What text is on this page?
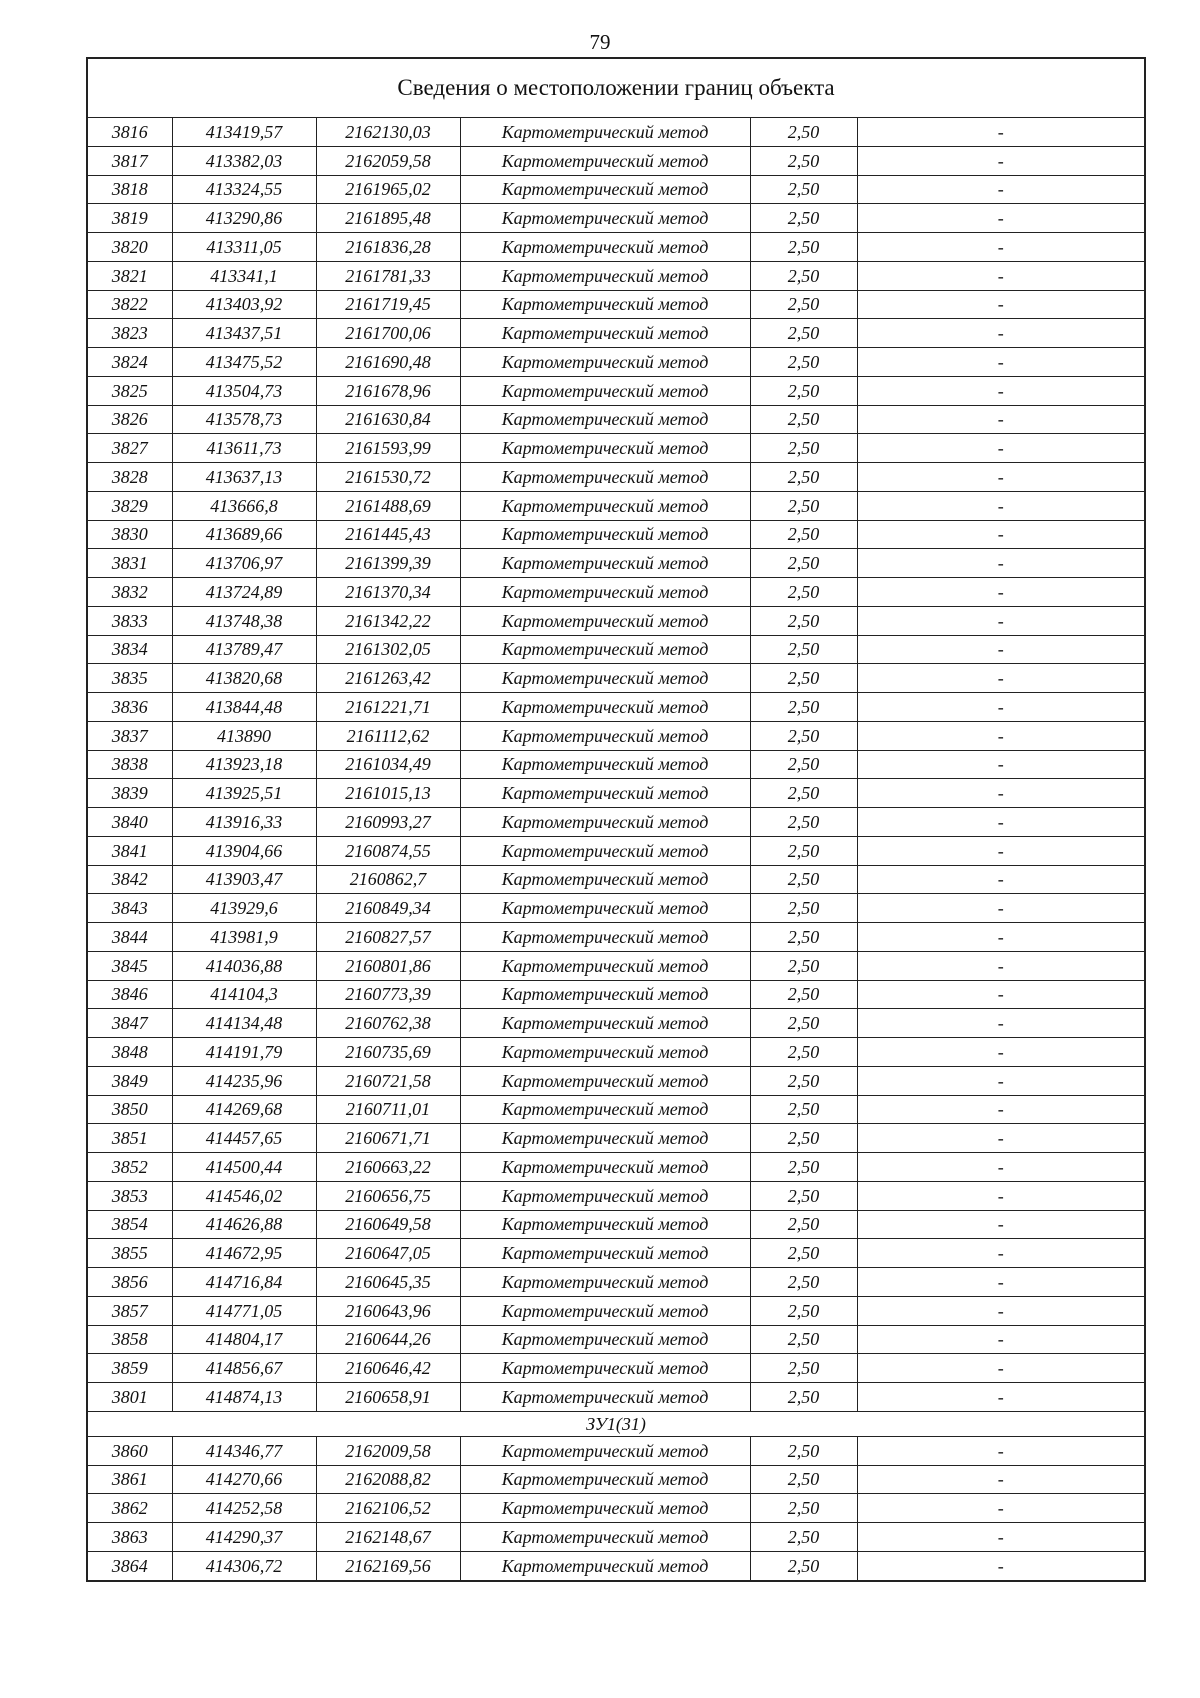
79
Сведения о местоположении границ объекта					
3816	413419,57	2162130,03	Картометрический метод	2,50	-
3817	413382,03	2162059,58	Картометрический метод	2,50	-
3818	413324,55	2161965,02	Картометрический метод	2,50	-
3819	413290,86	2161895,48	Картометрический метод	2,50	-
3820	413311,05	2161836,28	Картометрический метод	2,50	-
3821	413341,1	2161781,33	Картометрический метод	2,50	-
3822	413403,92	2161719,45	Картометрический метод	2,50	-
3823	413437,51	2161700,06	Картометрический метод	2,50	-
3824	413475,52	2161690,48	Картометрический метод	2,50	-
3825	413504,73	2161678,96	Картометрический метод	2,50	-
3826	413578,73	2161630,84	Картометрический метод	2,50	-
3827	413611,73	2161593,99	Картометрический метод	2,50	-
3828	413637,13	2161530,72	Картометрический метод	2,50	-
3829	413666,8	2161488,69	Картометрический метод	2,50	-
3830	413689,66	2161445,43	Картометрический метод	2,50	-
3831	413706,97	2161399,39	Картометрический метод	2,50	-
3832	413724,89	2161370,34	Картометрический метод	2,50	-
3833	413748,38	2161342,22	Картометрический метод	2,50	-
3834	413789,47	2161302,05	Картометрический метод	2,50	-
3835	413820,68	2161263,42	Картометрический метод	2,50	-
3836	413844,48	2161221,71	Картометрический метод	2,50	-
3837	413890	2161112,62	Картометрический метод	2,50	-
3838	413923,18	2161034,49	Картометрический метод	2,50	-
3839	413925,51	2161015,13	Картометрический метод	2,50	-
3840	413916,33	2160993,27	Картометрический метод	2,50	-
3841	413904,66	2160874,55	Картометрический метод	2,50	-
3842	413903,47	2160862,7	Картометрический метод	2,50	-
3843	413929,6	2160849,34	Картометрический метод	2,50	-
3844	413981,9	2160827,57	Картометрический метод	2,50	-
3845	414036,88	2160801,86	Картометрический метод	2,50	-
3846	414104,3	2160773,39	Картометрический метод	2,50	-
3847	414134,48	2160762,38	Картометрический метод	2,50	-
3848	414191,79	2160735,69	Картометрический метод	2,50	-
3849	414235,96	2160721,58	Картометрический метод	2,50	-
3850	414269,68	2160711,01	Картометрический метод	2,50	-
3851	414457,65	2160671,71	Картометрический метод	2,50	-
3852	414500,44	2160663,22	Картометрический метод	2,50	-
3853	414546,02	2160656,75	Картометрический метод	2,50	-
3854	414626,88	2160649,58	Картометрический метод	2,50	-
3855	414672,95	2160647,05	Картометрический метод	2,50	-
3856	414716,84	2160645,35	Картометрический метод	2,50	-
3857	414771,05	2160643,96	Картометрический метод	2,50	-
3858	414804,17	2160644,26	Картометрический метод	2,50	-
3859	414856,67	2160646,42	Картометрический метод	2,50	-
3801	414874,13	2160658,91	Картометрический метод	2,50	-
ЗУ1(31)					
3860	414346,77	2162009,58	Картометрический метод	2,50	-
3861	414270,66	2162088,82	Картометрический метод	2,50	-
3862	414252,58	2162106,52	Картометрический метод	2,50	-
3863	414290,37	2162148,67	Картометрический метод	2,50	-
3864	414306,72	2162169,56	Картометрический метод	2,50	-
